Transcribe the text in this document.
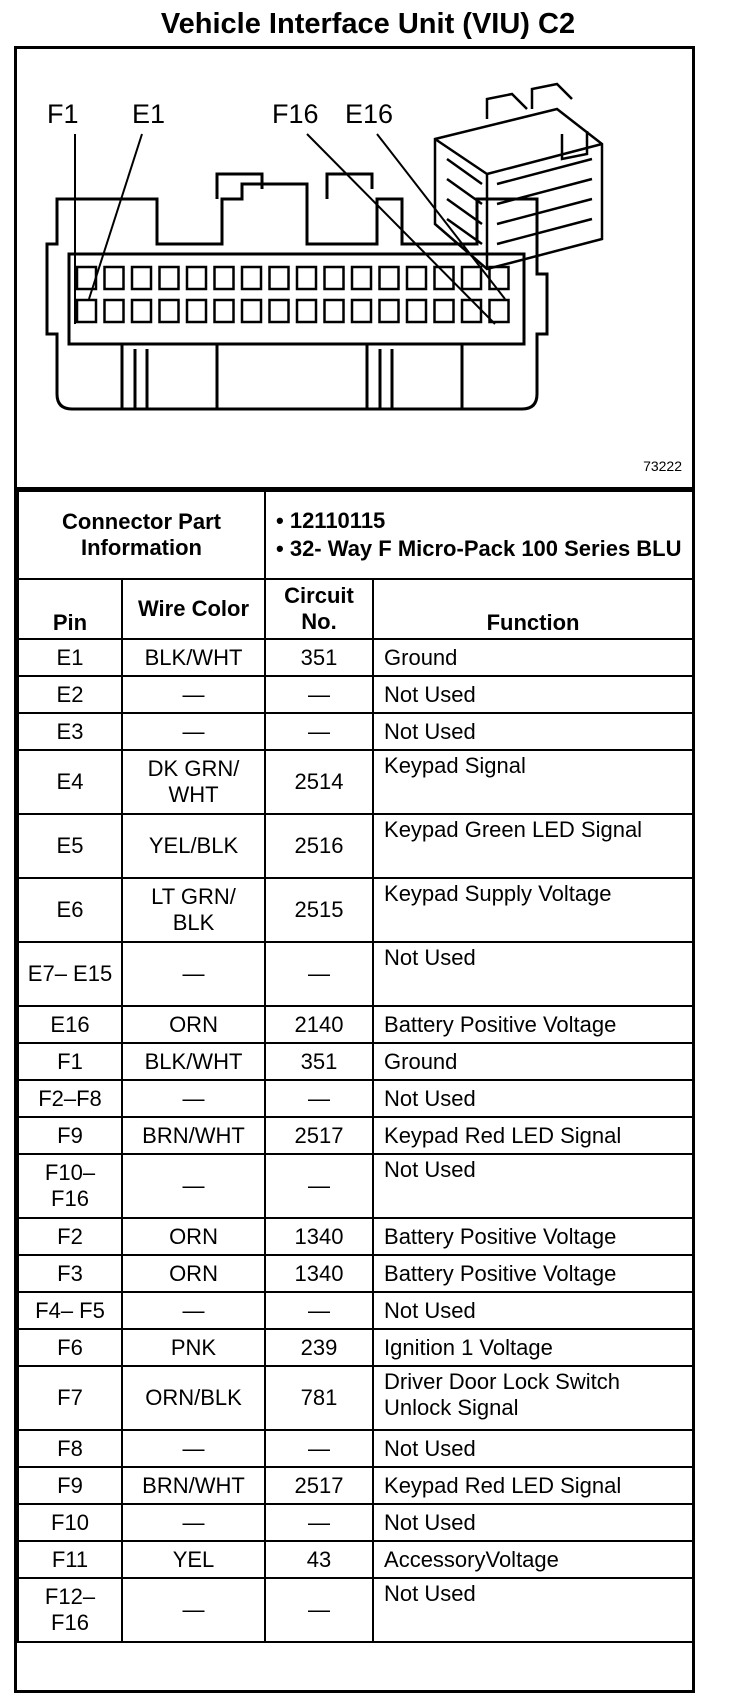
Vehicle Interface Unit (VIU) C2
F1 E1	F16 E16
73222
Connector Part Information		• 12110115
• 32- Way F Micro-Pack 100 Series BLU	

Pin	Wire Color	Circuit No.	Function
E1	BLK/WHT	351	Ground
E2	—	—	Not Used
E3	—	—	Not Used
E4	DK GRN/ WHT	2514	Keypad Signal
E5	YEL/BLK	2516	Keypad Green LED Signal
E6	LT GRN/ BLK	2515	Keypad Supply Voltage
E7– E15	—	—	Not Used
E16	ORN	2140	Battery Positive Voltage
F1	BLK/WHT	351	Ground
F2–F8	—	—	Not Used
F9	BRN/WHT	2517	Keypad Red LED Signal
F10– F16	—	—	Not Used
F2	ORN	1340	Battery Positive Voltage
F3	ORN	1340	Battery Positive Voltage
F4– F5	—	—	Not Used
F6	PNK	239	Ignition 1 Voltage
F7	ORN/BLK	781	Driver Door Lock Switch Unlock Signal
F8	—	—	Not Used
F9	BRN/WHT	2517	Keypad Red LED Signal
F10	—	—	Not Used
F11	YEL	43	AccessoryVoltage
F12– F16	—	—	Not Used
